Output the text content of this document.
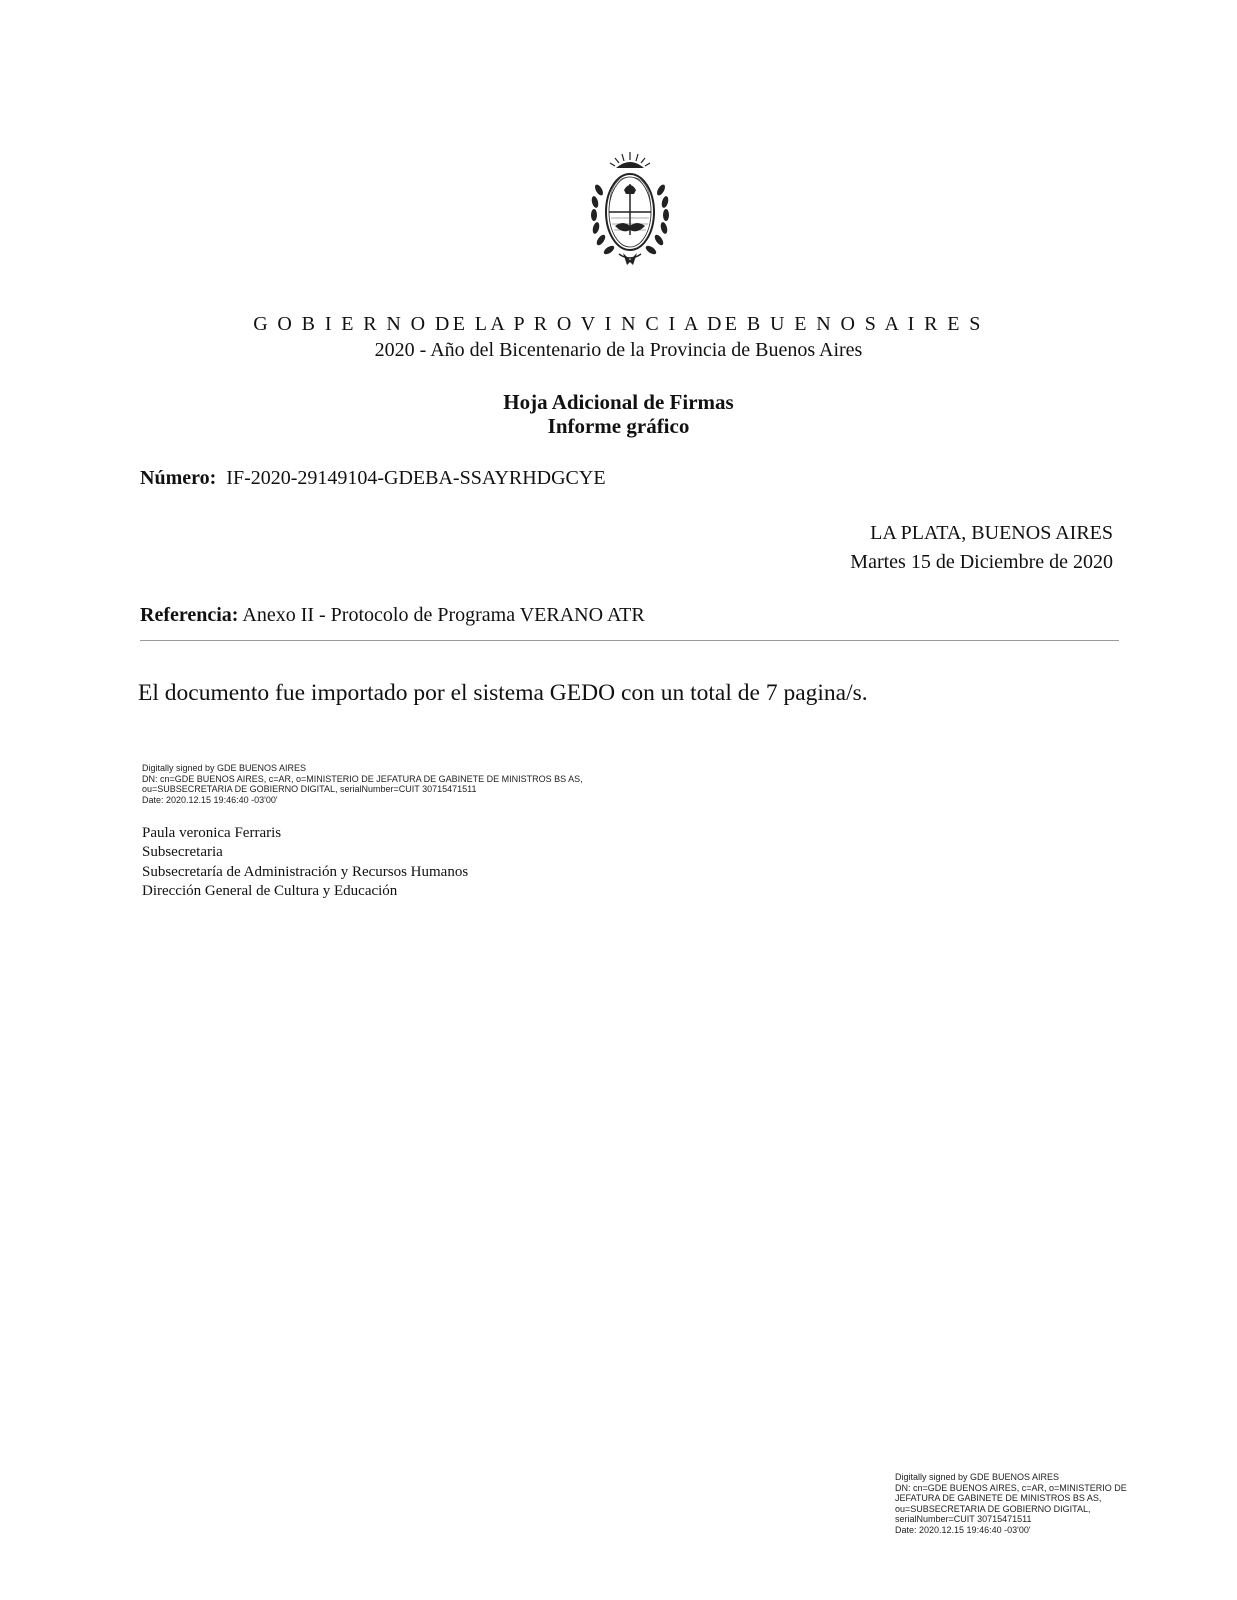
G O B I E R N O DE LA P R O V I N C I A DE B U E N O S A I R E S
2020 - Año del Bicentenario de la Provincia de Buenos Aires
Hoja Adicional de Firmas
Informe gráfico
Número: IF-2020-29149104-GDEBA-SSAYRHDGCYE
LA PLATA, BUENOS AIRES
Martes 15 de Diciembre de 2020
Referencia: Anexo II - Protocolo de Programa VERANO ATR
El documento fue importado por el sistema GEDO con un total de 7 pagina/s.
Digitally signed by GDE BUENOS AIRES
DN: cn=GDE BUENOS AIRES, c=AR, o=MINISTERIO DE JEFATURA DE GABINETE DE MINISTROS BS AS,
ou=SUBSECRETARIA DE GOBIERNO DIGITAL, serialNumber=CUIT 30715471511
Date: 2020.12.15 19:46:40 -03'00'
Paula veronica Ferraris
Subsecretaria
Subsecretaría de Administración y Recursos Humanos
Dirección General de Cultura y Educación
Digitally signed by GDE BUENOS AIRES
DN: cn=GDE BUENOS AIRES, c=AR, o=MINISTERIO DE
JEFATURA DE GABINETE DE MINISTROS BS AS,
ou=SUBSECRETARIA DE GOBIERNO DIGITAL,
serialNumber=CUIT 30715471511
Date: 2020.12.15 19:46:40 -03'00'
